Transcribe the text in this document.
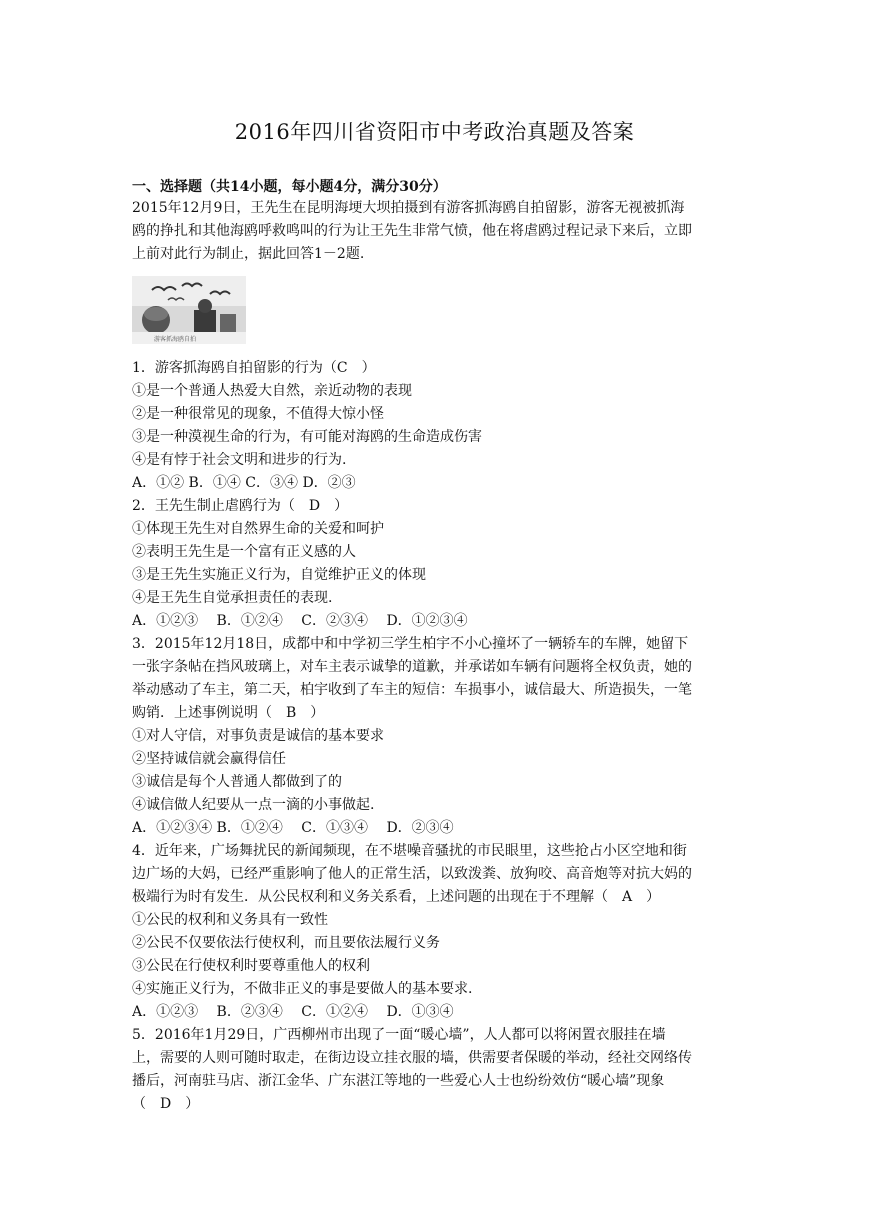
2016年四川省资阳市中考政治真题及答案
一、选择题（共14小题，每小题4分，满分30分）
2015年12月9日，王先生在昆明海埂大坝拍摄到有游客抓海鸥自拍留影，游客无视被抓海
鸥的挣扎和其他海鸥呼救鸣叫的行为让王先生非常气愤，他在将虐鸥过程记录下来后，立即
上前对此行为制止，据此回答1－2题.
游客抓海鸥自拍
1．游客抓海鸥自拍留影的行为（C　）
①是一个普通人热爱大自然，亲近动物的表现
②是一种很常见的现象，不值得大惊小怪
③是一种漠视生命的行为，有可能对海鸥的生命造成伤害
④是有悖于社会文明和进步的行为.
A．①② B．①④ C．③④ D．②③
2．王先生制止虐鸥行为（　D　）
①体现王先生对自然界生命的关爱和呵护
②表明王先生是一个富有正义感的人
③是王先生实施正义行为，自觉维护正义的体现
④是王先生自觉承担责任的表现.
A．①②③　 B．①②④　 C．②③④　 D．①②③④
3．2015年12月18日，成都中和中学初三学生柏宇不小心撞坏了一辆轿车的车牌，她留下
一张字条帖在挡风玻璃上，对车主表示诚挚的道歉，并承诺如车辆有问题将全权负责，她的
举动感动了车主，第二天，柏宇收到了车主的短信：车损事小，诚信最大、所造损失，一笔
购销．上述事例说明（　B　）
①对人守信，对事负责是诚信的基本要求
②坚持诚信就会赢得信任
③诚信是每个人普通人都做到了的
④诚信做人纪要从一点一滴的小事做起.
A．①②③④ B．①②④　 C．①③④　 D．②③④
4．近年来，广场舞扰民的新闻频现，在不堪噪音骚扰的市民眼里，这些抢占小区空地和街
边广场的大妈，已经严重影响了他人的正常生活，以致泼粪、放狗咬、高音炮等对抗大妈的
极端行为时有发生．从公民权利和义务关系看，上述问题的出现在于不理解（　A　）
①公民的权利和义务具有一致性
②公民不仅要依法行使权利，而且要依法履行义务
③公民在行使权利时要尊重他人的权利
④实施正义行为，不做非正义的事是要做人的基本要求.
A．①②③　 B．②③④　 C．①②④　 D．①③④
5．2016年1月29日，广西柳州市出现了一面“暖心墙”，人人都可以将闲置衣服挂在墙
上，需要的人则可随时取走，在街边设立挂衣服的墙，供需要者保暖的举动，经社交网络传
播后，河南驻马店、浙江金华、广东湛江等地的一些爱心人士也纷纷效仿“暖心墙”现象
（　D　）
